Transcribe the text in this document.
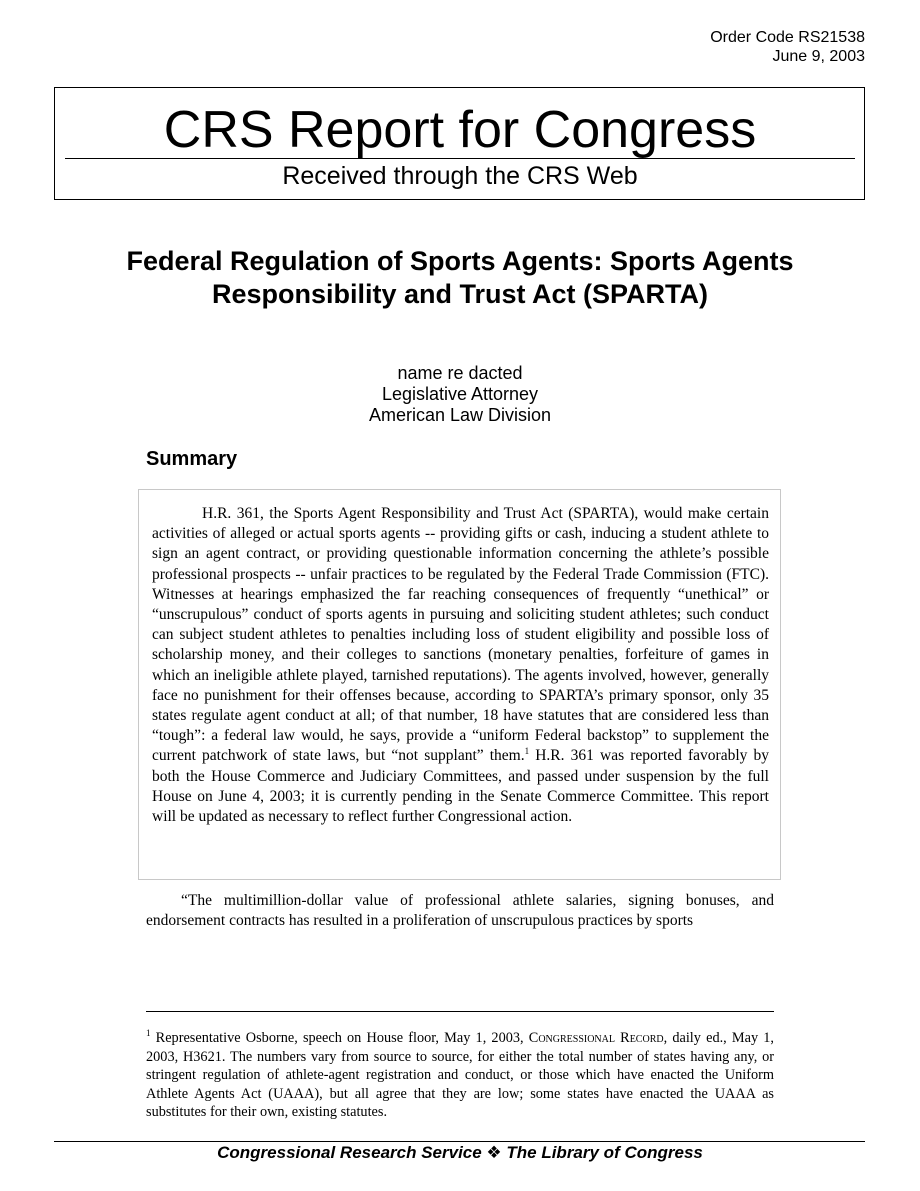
Order Code RS21538
June 9, 2003
CRS Report for Congress
Received through the CRS Web
Federal Regulation of Sports Agents: Sports Agents Responsibility and Trust Act (SPARTA)
name re dacted
Legislative Attorney
American Law Division
Summary

H.R. 361, the Sports Agent Responsibility and Trust Act (SPARTA), would make certain activities of alleged or actual sports agents -- providing gifts or cash, inducing a student athlete to sign an agent contract, or providing questionable information concerning the athlete’s possible professional prospects -- unfair practices to be regulated by the Federal Trade Commission (FTC). Witnesses at hearings emphasized the far reaching consequences of frequently “unethical” or “unscrupulous” conduct of sports agents in pursuing and soliciting student athletes; such conduct can subject student athletes to penalties including loss of student eligibility and possible loss of scholarship money, and their colleges to sanctions (monetary penalties, forfeiture of games in which an ineligible athlete played, tarnished reputations). The agents involved, however, generally face no punishment for their offenses because, according to SPARTA’s primary sponsor, only 35 states regulate agent conduct at all; of that number, 18 have statutes that are considered less than “tough”: a federal law would, he says, provide a “uniform Federal backstop” to supplement the current patchwork of state laws, but “not supplant” them.$^1$ H.R. 361 was reported favorably by both the House Commerce and Judiciary Committees, and passed under suspension by the full House on June 4, 2003; it is currently pending in the Senate Commerce Committee. This report will be updated as necessary to reflect further Congressional action.

“The multimillion-dollar value of professional athlete salaries, signing bonuses, and endorsement contracts has resulted in a proliferation of unscrupulous practices by sports

$^1$ Representative Osborne, speech on House floor, May 1, 2003, Congressional Record, daily ed., May 1, 2003, H3621. The numbers vary from source to source, for either the total number of states having any, or stringent regulation of athlete-agent registration and conduct, or those which have enacted the Uniform Athlete Agents Act (UAAA), but all agree that they are low; some states have enacted the UAAA as substitutes for their own, existing statutes.

Congressional Research Service ❖ The Library of Congress
